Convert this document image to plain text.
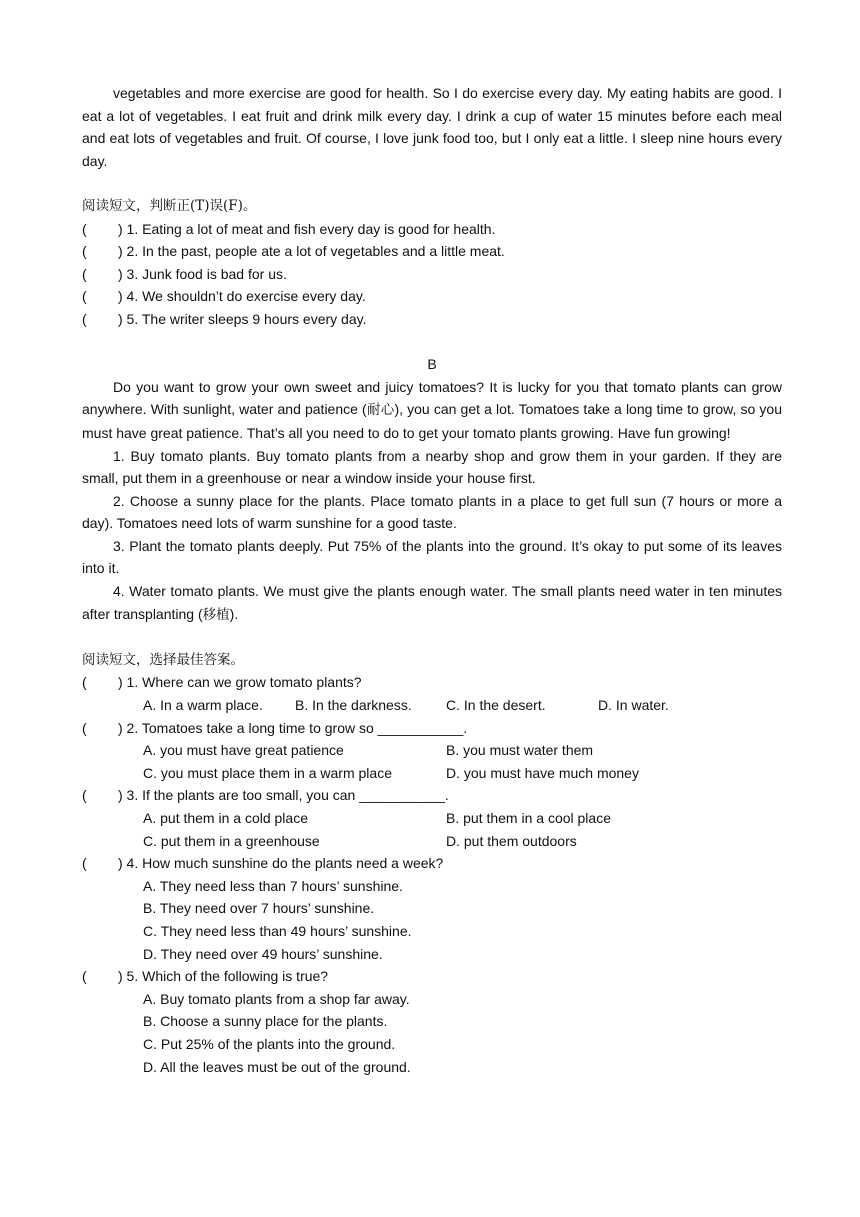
vegetables and more exercise are good for health. So I do exercise every day. My eating habits are good. I eat a lot of vegetables. I eat fruit and drink milk every day. I drink a cup of water 15 minutes before each meal and eat lots of vegetables and fruit. Of course, I love junk food too, but I only eat a little. I sleep nine hours every day.

阅读短文，判断正(T)误(F)。

( ) 1. Eating a lot of meat and fish every day is good for health.

( ) 2. In the past, people ate a lot of vegetables and a little meat.

( ) 3. Junk food is bad for us.

( ) 4. We shouldn’t do exercise every day.

( ) 5. The writer sleeps 9 hours every day.

B

Do you want to grow your own sweet and juicy tomatoes? It is lucky for you that tomato plants can grow anywhere. With sunlight, water and patience (耐心), you can get a lot. Tomatoes take a long time to grow, so you must have great patience. That’s all you need to do to get your tomato plants growing. Have fun growing!

1. Buy tomato plants. Buy tomato plants from a nearby shop and grow them in your garden. If they are small, put them in a greenhouse or near a window inside your house first.

2. Choose a sunny place for the plants. Place tomato plants in a place to get full sun (7 hours or more a day). Tomatoes need lots of warm sunshine for a good taste.

3. Plant the tomato plants deeply. Put 75% of the plants into the ground. It’s okay to put some of its leaves into it.

4. Water tomato plants. We must give the plants enough water. The small plants need water in ten minutes after transplanting (移植).

阅读短文，选择最佳答案。

( ) 1. Where can we grow tomato plants?

A. In a warm place. B. In the darkness. C. In the desert.	D. In water.

( ) 2. Tomatoes take a long time to grow so ___________.

A. you must have great patience	B. you must water them
C. you must place them in a warm place	D. you must have much money

( ) 3. If the plants are too small, you can ___________.

A. put them in a cold place	B. put them in a cool place
C. put them in a greenhouse	D. put them outdoors

( ) 4. How much sunshine do the plants need a week?

A. They need less than 7 hours’ sunshine.

B. They need over 7 hours’ sunshine.

C. They need less than 49 hours’ sunshine.

D. They need over 49 hours’ sunshine.

( ) 5. Which of the following is true?

A. Buy tomato plants from a shop far away.

B. Choose a sunny place for the plants.

C. Put 25% of the plants into the ground.

D. All the leaves must be out of the ground.
